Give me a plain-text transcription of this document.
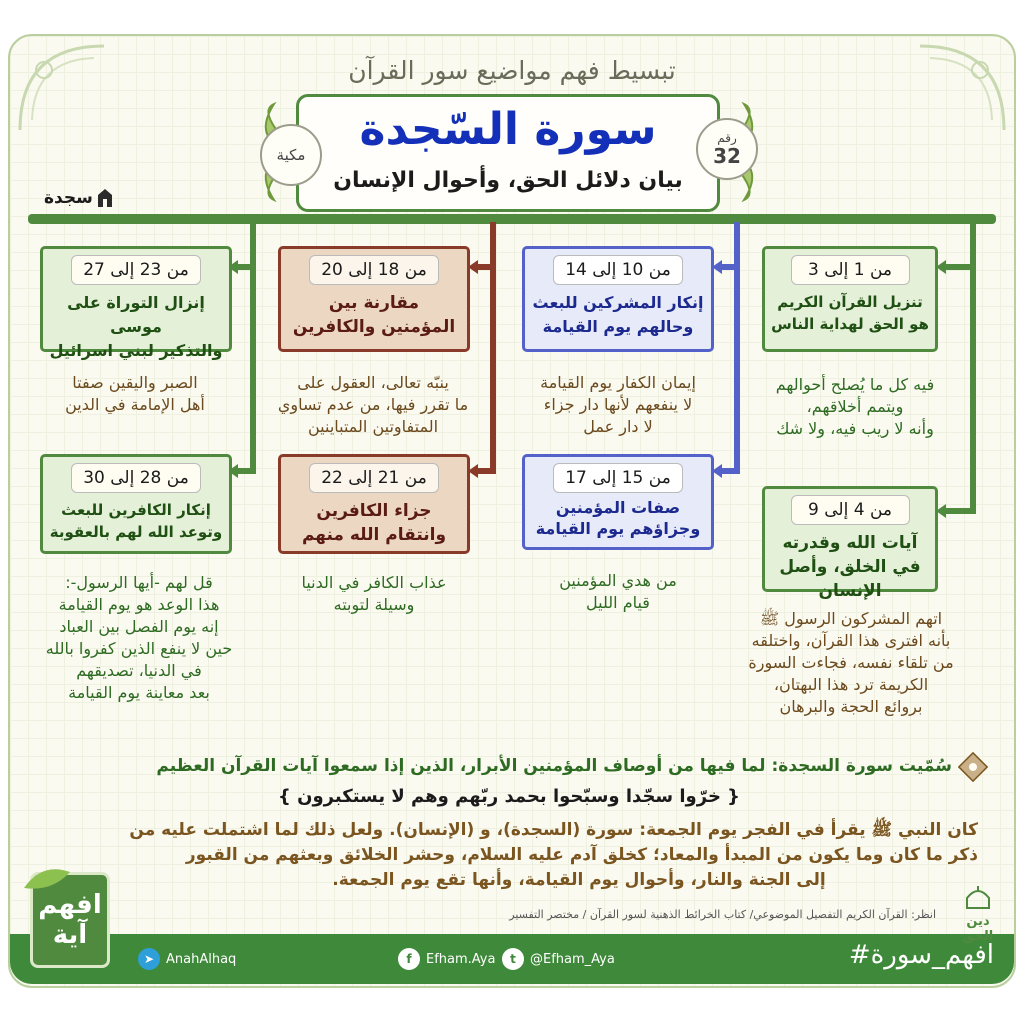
تبسيط فهم مواضيع سور القرآن
سورة السّجدة
بيان دلائل الحق، وأحوال الإنسان
رقم
32
مكية
سجدة
من 1 إلى 3
تنزيل القرآن الكريم
هو الحق لهداية الناس
من 4 إلى 9
آيات الله وقدرته
في الخلق، وأصل الإنسان
من 10 إلى 14
إنكار المشركين للبعث
وحالهم يوم القيامة
من 15 إلى 17
صفات المؤمنين
وجزاؤهم يوم القيامة
من 18 إلى 20
مقارنة بين
المؤمنين والكافرين
من 21 إلى 22
جزاء الكافرين
وانتقام الله منهم
من 23 إلى 27
إنزال التوراة على موسى
والتذكير لبني اسرائيل
من 28 إلى 30
إنكار الكافرين للبعث
وتوعد الله لهم بالعقوبة
فيه كل ما يُصلح أحوالهم
ويتمم أخلاقهم،
وأنه لا ريب فيه، ولا شك
اتهم المشركون الرسول ﷺ
بأنه افترى هذا القرآن، واختلقه
من تلقاء نفسه، فجاءت السورة
الكريمة ترد هذا البهتان،
بروائع الحجة والبرهان
إيمان الكفار يوم القيامة
لا ينفعهم لأنها دار جزاء
لا دار عمل
من هدي المؤمنين
قيام الليل
ينبّه تعالى، العقول على
ما تقرر فيها، من عدم تساوي
المتفاوتين المتباينين
عذاب الكافر في الدنيا
وسيلة لتوبته
الصبر واليقين صفتا
أهل الإمامة في الدين
قل لهم -أيها الرسول-:
هذا الوعد هو يوم القيامة
إنه يوم الفصل بين العباد
حين لا ينفع الذين كفروا بالله
في الدنيا، تصديقهم
بعد معاينة يوم القيامة

سُمّيت سورة السجدة: لما فيها من أوصاف المؤمنين الأبرار، الذين إذا سمعوا آيات القرآن العظيم

{ خرّوا سجّدا وسبّحوا بحمد ربّهم وهم لا يستكبرون }

كان النبي ﷺ يقرأ في الفجر يوم الجمعة: سورة (السجدة)، و (الإنسان). ولعل ذلك لما اشتملت عليه من

ذكر ما كان وما يكون من المبدأ والمعاد؛ كخلق آدم عليه السلام، وحشر الخلائق وبعثهم من القبور

إلى الجنة والنار، وأحوال يوم القيامة، وأنها تقع يوم الجمعة.

انظر: القرآن الكريم التفصيل الموضوعي/ كتاب الخرائط الذهنية لسور القرآن / مختصر التفسير
افهم
آية
➤ AnahAlhaq	f	Efham.Aya	t	@Efham_Aya	#افهم_سورة
دين الحق
